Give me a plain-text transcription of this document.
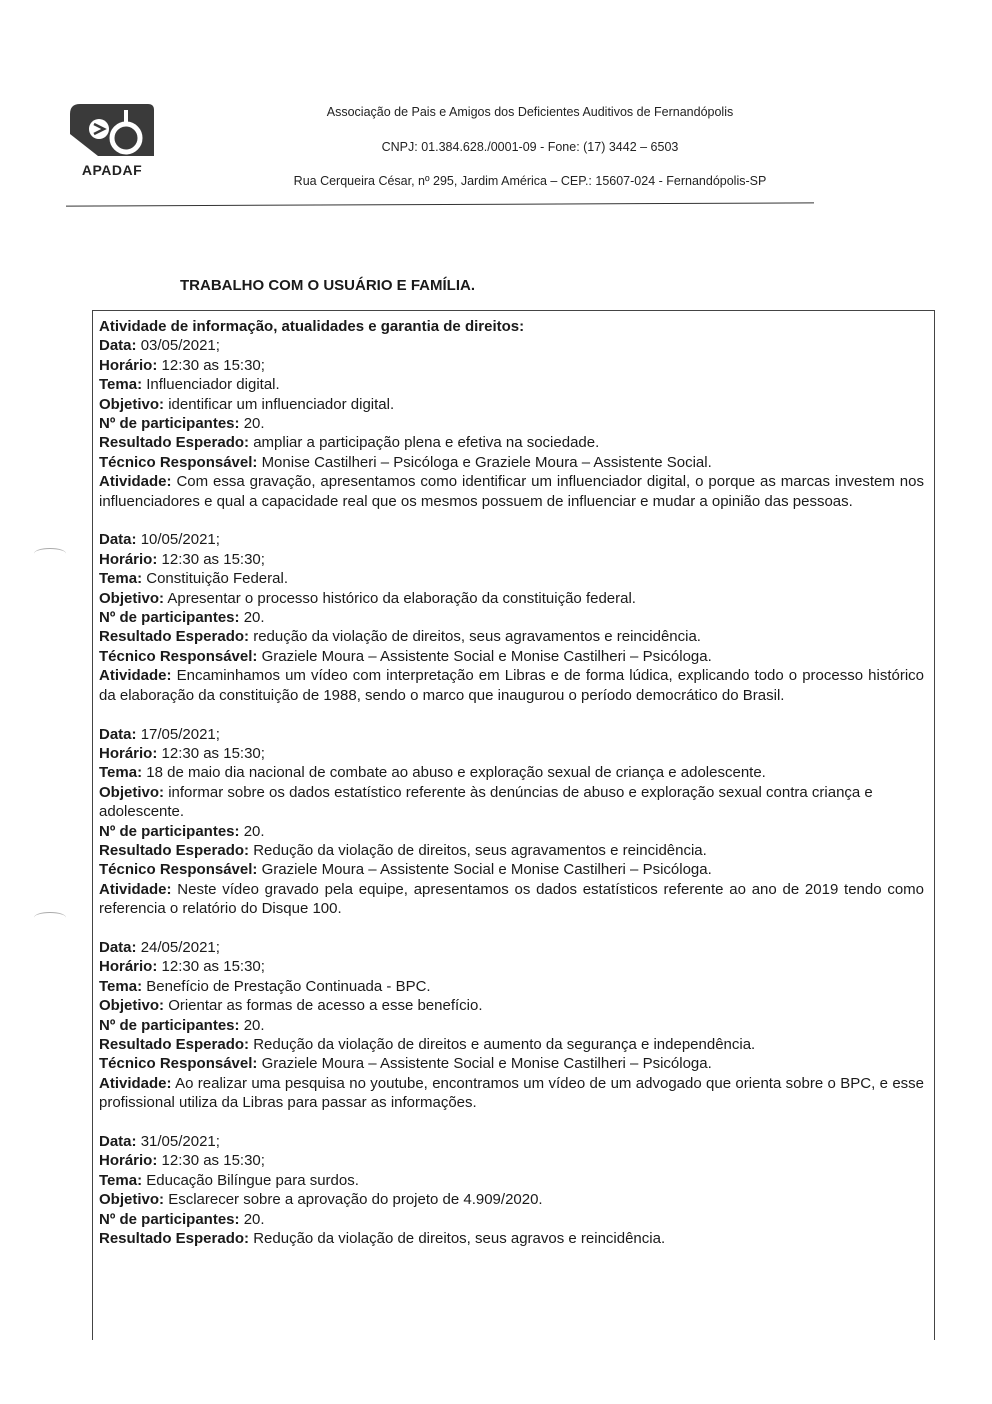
APADAF
Associação de Pais e Amigos dos Deficientes Auditivos de Fernandópolis
CNPJ: 01.384.628./0001-09 - Fone: (17) 3442 – 6503
Rua Cerqueira César, nº 295, Jardim América – CEP.: 15607-024 - Fernandópolis-SP
TRABALHO COM O USUÁRIO E FAMÍLIA.
Atividade de informação, atualidades e garantia de direitos:
Data: 03/05/2021;
Horário: 12:30 as 15:30;
Tema: Influenciador digital.
Objetivo: identificar um influenciador digital.
Nº de participantes: 20.
Resultado Esperado: ampliar a participação plena e efetiva na sociedade.
Técnico Responsável: Monise Castilheri – Psicóloga e Graziele Moura – Assistente Social.
Atividade: Com essa gravação, apresentamos como identificar um influenciador digital, o porque as marcas investem nos influenciadores e qual a capacidade real que os mesmos possuem de influenciar e mudar a opinião das pessoas.
Data: 10/05/2021;
Horário: 12:30 as 15:30;
Tema: Constituição Federal.
Objetivo: Apresentar o processo histórico da elaboração da constituição federal.
Nº de participantes: 20.
Resultado Esperado: redução da violação de direitos, seus agravamentos e reincidência.
Técnico Responsável: Graziele Moura – Assistente Social e Monise Castilheri – Psicóloga.
Atividade: Encaminhamos um vídeo com interpretação em Libras e de forma lúdica, explicando todo o processo histórico da elaboração da constituição de 1988, sendo o marco que inaugurou o período democrático do Brasil.
Data: 17/05/2021;
Horário: 12:30 as 15:30;
Tema: 18 de maio dia nacional de combate ao abuso e exploração sexual de criança e adolescente.
Objetivo: informar sobre os dados estatístico referente às denúncias de abuso e exploração sexual contra criança e adolescente.
Nº de participantes: 20.
Resultado Esperado: Redução da violação de direitos, seus agravamentos e reincidência.
Técnico Responsável: Graziele Moura – Assistente Social e Monise Castilheri – Psicóloga.
Atividade: Neste vídeo gravado pela equipe, apresentamos os dados estatísticos referente ao ano de 2019 tendo como referencia o relatório do Disque 100.
Data: 24/05/2021;
Horário: 12:30 as 15:30;
Tema: Benefício de Prestação Continuada - BPC.
Objetivo: Orientar as formas de acesso a esse benefício.
Nº de participantes: 20.
Resultado Esperado: Redução da violação de direitos e aumento da segurança e independência.
Técnico Responsável: Graziele Moura – Assistente Social e Monise Castilheri – Psicóloga.
Atividade: Ao realizar uma pesquisa no youtube, encontramos um vídeo de um advogado que orienta sobre o BPC, e esse profissional utiliza da Libras para passar as informações.
Data: 31/05/2021;
Horário: 12:30 as 15:30;
Tema: Educação Bilíngue para surdos.
Objetivo: Esclarecer sobre a aprovação do projeto de 4.909/2020.
Nº de participantes: 20.
Resultado Esperado: Redução da violação de direitos, seus agravos e reincidência.
